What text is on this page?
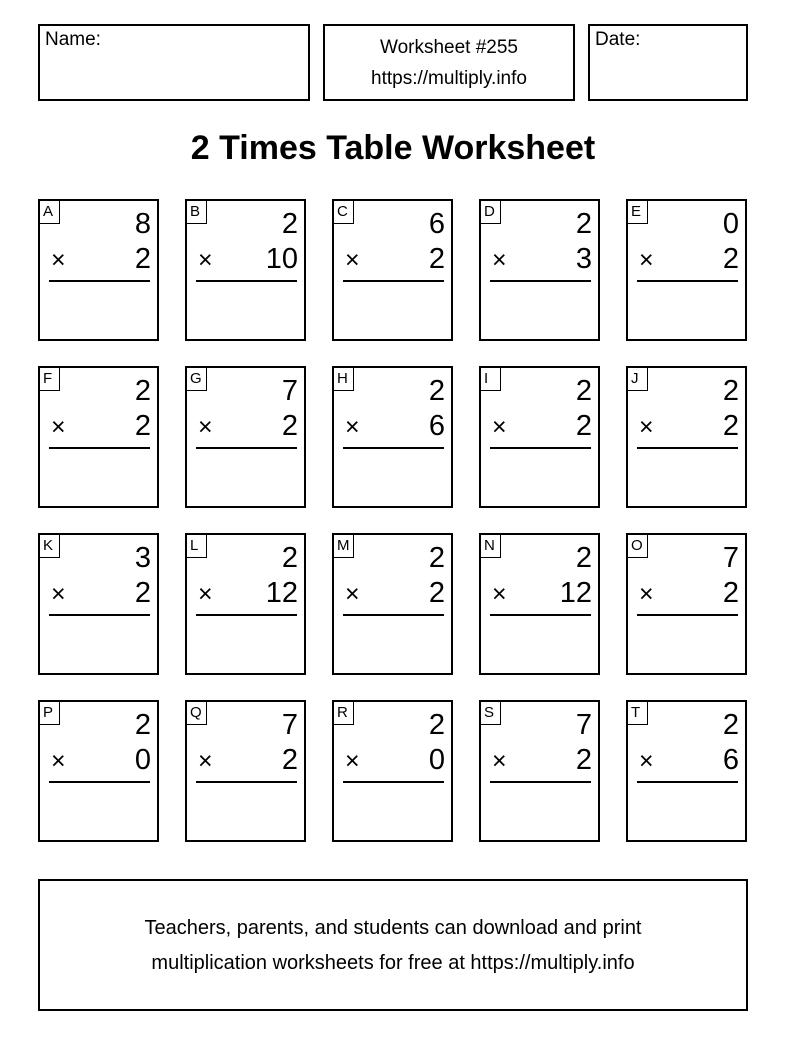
Name:	Worksheet #255
https://multiply.info
Date:
2 Times Table Worksheet
A	8
× 2
B	2
× 10
C	6
× 2
D	2
× 3
E	0
× 2
F	2
× 2
G	7
× 2
H	2
× 6
I	2
× 2
J	2
× 2
K	3
× 2
L	2
× 12
M	2
× 2
N	2
× 12
O	7
× 2
P	2
× 0
Q	7
× 2
R	2
× 0
S	7
× 2
T	2
× 6
Teachers, parents, and students can download and print
multiplication worksheets for free at https://multiply.info
